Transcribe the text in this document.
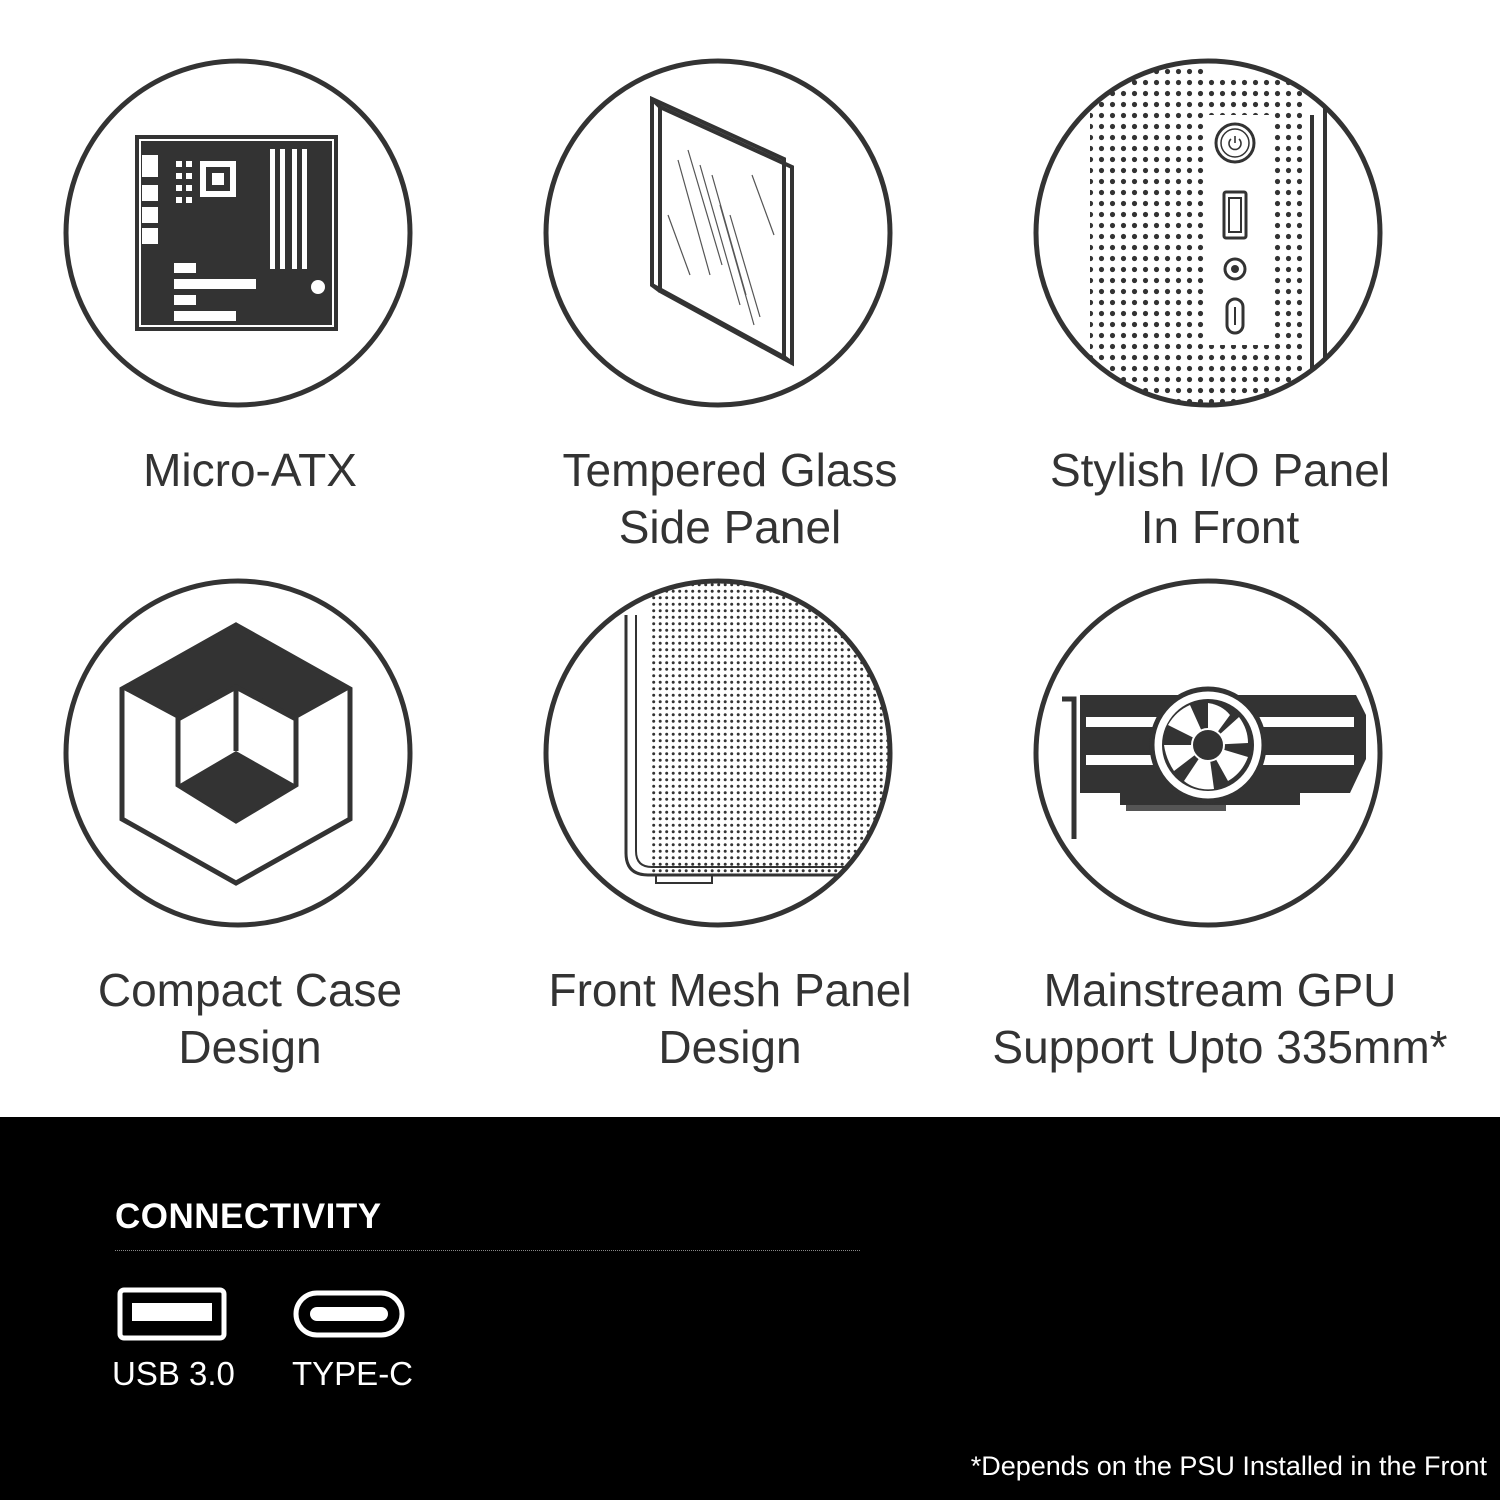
Micro-ATX	Tempered Glass
Side Panel
Stylish I/O Panel
In Front
Compact Case
Design
Front Mesh Panel
Design
Mainstream GPU
Support Upto 335mm*
CONNECTIVITY
USB 3.0 TYPE-C
*Depends on the PSU Installed in the Front
